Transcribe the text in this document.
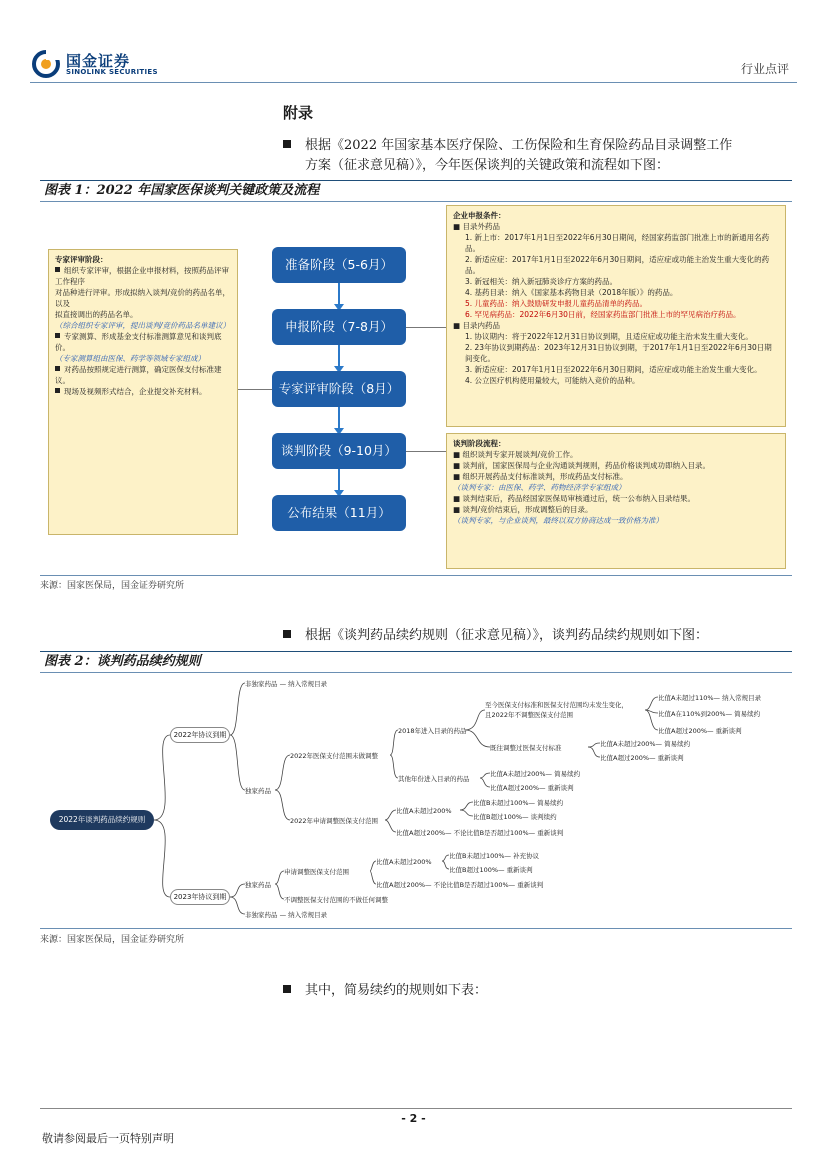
国金证券
SINOLINK SECURITIES	行业点评
附录
根据《2022 年国家基本医疗保险、工伤保险和生育保险药品目录调整工作
方案（征求意见稿）》，今年医保谈判的关键政策和流程如下图：
图表 1：2022 年国家医保谈判关键政策及流程
专家评审阶段：
组织专家评审，根据企业申报材料，按照药品评审工作程序
对品种进行评审。形成拟纳入谈判/竞价的药品名单，以及
拟直接调出的药品名单。
（综合组织专家评审，提出谈判/竞价药品名单建议）
专家测算、形成基金支付标准测算意见和谈判底价。
（专家测算组由医保、药学等领域专家组成）
对药品按照规定进行测算，确定医保支付标准建议。
现场及视频形式结合，企业提交补充材料。
准备阶段（5-6月）
申报阶段（7-8月）
专家评审阶段（8月）
谈判阶段（9-10月）
公布结果（11月）
企业申报条件：
■ 目录外药品
1. 新上市：2017年1月1日至2022年6月30日期间，经国家药监部门批准上市的新通用名药品。
2. 新适应症：2017年1月1日至2022年6月30日期间，适应症或功能主治发生重大变化的药品。
3. 新冠相关：纳入新冠肺炎诊疗方案的药品。
4. 基药目录：纳入《国家基本药物目录（2018年版）》的药品。
5. 儿童药品：纳入鼓励研发申报儿童药品清单的药品。
6. 罕见病药品：2022年6月30日前，经国家药监部门批准上市的罕见病治疗药品。
■ 目录内药品
1. 协议期内：将于2022年12月31日协议到期，且适应症或功能主治未发生重大变化。
2. 23年协议到期药品：2023年12月31日协议到期，于2017年1月1日至2022年6月30日期间变化。
3. 新适应症：2017年1月1日至2022年6月30日期间，适应症或功能主治发生重大变化。
4. 公立医疗机构使用量较大，可能纳入竞价的品种。
谈判阶段流程：
■ 组织谈判专家开展谈判/竞价工作。
■ 谈判前，国家医保局与企业沟通谈判规则，药品价格谈判成功即纳入目录。
■ 组织开展药品支付标准谈判，形成药品支付标准。
（谈判专家：由医保、药学、药物经济学专家组成）
■ 谈判结束后，药品经国家医保局审核通过后，统一公布纳入目录结果。
■ 谈判/竞价结束后，形成调整后的目录。
（谈判专家，与企业谈判，最终以双方协商达成一致价格为准）
来源：国家医保局，国金证券研究所
根据《谈判药品续约规则（征求意见稿）》，谈判药品续约规则如下图：
图表 2：谈判药品续约规则
2022年谈判药品续约规则
2022年协议到期
2023年协议到期
非独家药品 — 纳入常规目录
独家药品
2022年医保支付范围未做调整
2022年申请调整医保支付范围
2018年进入目录的药品
其他年份进入目录的药品
至今医保支付标准和医保支付范围均未发生变化，
且2022年不调整医保支付范围
既往调整过医保支付标准
比值A未超过110%— 纳入常规目录
比值A在110%到200%— 简易续约
比值A超过200%— 重新谈判
比值A未超过200%— 简易续约
比值A超过200%— 重新谈判
比值A未超过200%— 简易续约
比值A超过200%— 重新谈判
比值A未超过200%
比值B未超过100%— 简易续约
比值B超过100%— 谈判续约
比值A超过200%— 不论比值B是否超过100%— 重新谈判
独家药品
申请调整医保支付范围
不调整医保支付范围的不做任何调整
比值A未超过200%
比值B未超过100%— 补充协议
比值B超过100%— 重新谈判
比值A超过200%— 不论比值B是否超过100%— 重新谈判
非独家药品 — 纳入常规目录
来源：国家医保局，国金证券研究所
其中，简易续约的规则如下表：
- 2 -
敬请参阅最后一页特别声明
